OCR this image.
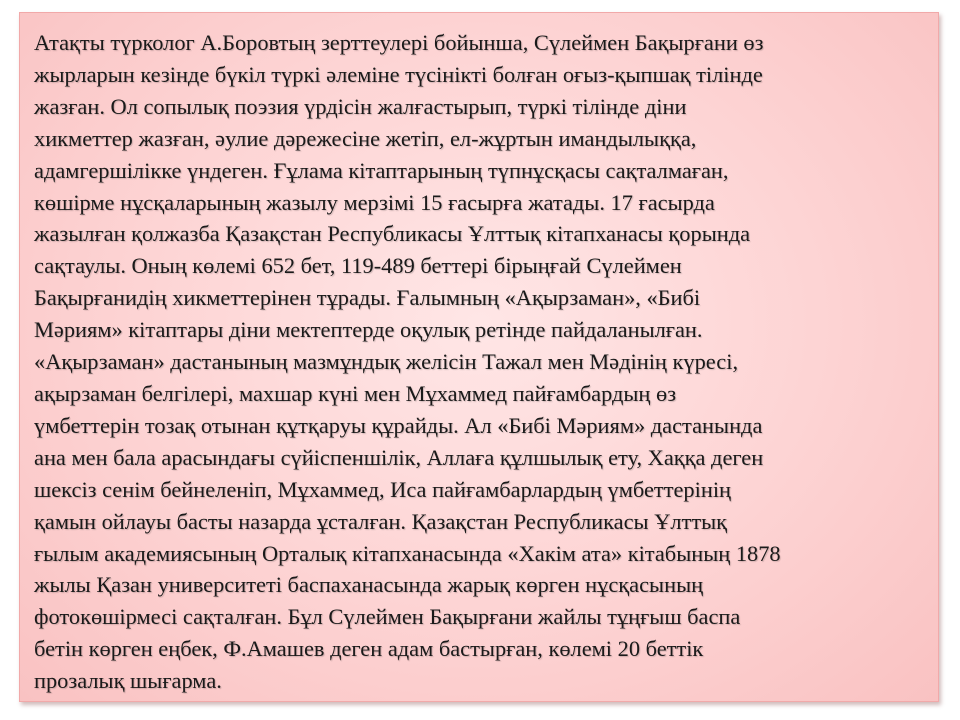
Атақты түрколог А.Боровтың зерттеулері бойынша, Сүлеймен Бақырғани өз
жырларын кезінде бүкіл түркі әлеміне түсінікті болған оғыз-қыпшақ тілінде
жазған. Ол сопылық поэзия үрдісін жалғастырып, түркі тілінде діни
хикметтер жазған, әулие дәрежесіне жетіп, ел-жұртын имандылыққа,
адамгершілікке үндеген. Ғұлама кітаптарының түпнұсқасы сақталмаған,
көшірме нұсқаларының жазылу мерзімі 15 ғасырға жатады. 17 ғасырда
жазылған қолжазба Қазақстан Республикасы Ұлттық кітапханасы қорында
сақтаулы. Оның көлемі 652 бет, 119-489 беттері бірыңғай Сүлеймен
Бақырғанидің хикметтерінен тұрады. Ғалымның «Ақырзаман», «Бибі
Мәриям» кітаптары діни мектептерде оқулық ретінде пайдаланылған.
«Ақырзаман» дастанының мазмұндық желісін Тажал мен Мәдінің күресі,
ақырзаман белгілері, махшар күні мен Мұхаммед пайғамбардың өз
үмбеттерін тозақ отынан құтқаруы құрайды. Ал «Бибі Мәриям» дастанында
ана мен бала арасындағы сүйіспеншілік, Аллаға құлшылық ету, Хаққа деген
шексіз сенім бейнеленіп, Мұхаммед, Иса пайғамбарлардың үмбеттерінің
қамын ойлауы басты назарда ұсталған. Қазақстан Республикасы Ұлттық
ғылым академиясының Орталық кітапханасында «Хакім ата» кітабының 1878
жылы Қазан университеті баспаханасында жарық көрген нұсқасының
фотокөшірмесі сақталған. Бұл Сүлеймен Бақырғани жайлы тұңғыш баспа
бетін көрген еңбек, Ф.Амашев деген адам бастырған, көлемі 20 беттік
прозалық шығарма.
